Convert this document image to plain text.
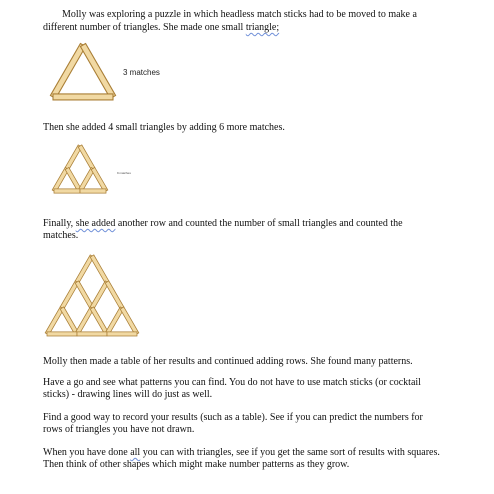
Molly was exploring a puzzle in which headless match sticks had to be moved to make a
different number of triangles. She made one small triangle;
3 matches
Then she added 4 small triangles by adding 6 more matches.
9 matches
Finally, she added another row and counted the number of small triangles and counted the
matches.
Molly then made a table of her results and continued adding rows. She found many patterns.
Have a go and see what patterns you can find. You do not have to use match sticks (or cocktail
sticks) - drawing lines will do just as well.
Find a good way to record your results (such as a table). See if you can predict the numbers for
rows of triangles you have not drawn.
When you have done all you can with triangles, see if you get the same sort of results with squares.
Then think of other shapes which might make number patterns as they grow.
